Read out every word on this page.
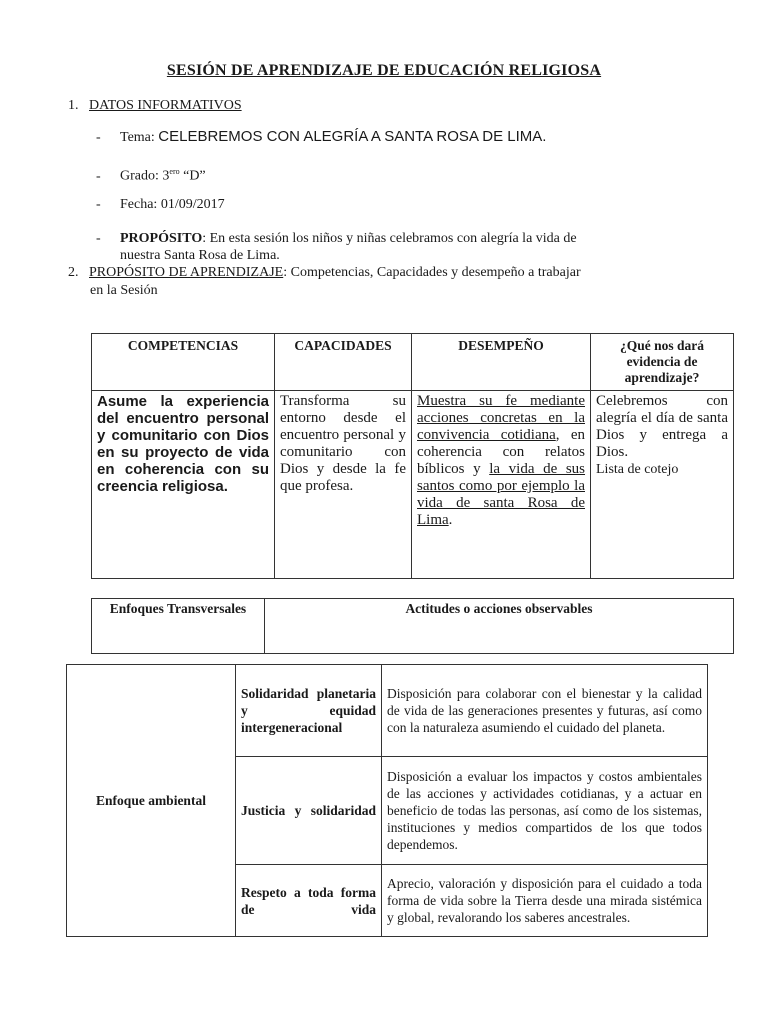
SESIÓN DE APRENDIZAJE DE EDUCACIÓN RELIGIOSA
1. DATOS INFORMATIVOS
- Tema: CELEBREMOS CON ALEGRÍA A SANTA ROSA DE LIMA.
- Grado: $3^{ero}$ “D”
- Fecha: 01/09/2017
- PROPÓSITO: En esta sesión los niños y niñas celebramos con alegría la vida de
nuestra Santa Rosa de Lima.
2. PROPÓSITO DE APRENDIZAJE: Competencias, Capacidades y desempeño a trabajar
en la Sesión
COMPETENCIAS	CAPACIDADES	DESEMPEÑO	¿Qué nos dará evidencia de aprendizaje?
Asume la experiencia del encuentro personal y comunitario con Dios en su proyecto de vida en coherencia con su creencia religiosa.	Transforma su entorno desde el encuentro personal y comunitario con Dios y desde la fe que profesa.	Muestra su fe mediante acciones concretas en la convivencia cotidiana, en coherencia con relatos bíblicos y la vida de sus santos como por ejemplo la vida de santa Rosa de Lima.	Celebremos con alegría el día de santa Dios y entrega a Dios.
Lista de cotejo
Enfoques Transversales	Actitudes o acciones observables
Enfoque ambiental	Solidaridad planetaria y equidad intergeneracional	Disposición para colaborar con el bienestar y la calidad de vida de las generaciones presentes y futuras, así como con la naturaleza asumiendo el cuidado del planeta.
	Justicia y solidaridad	Disposición a evaluar los impactos y costos ambientales de las acciones y actividades cotidianas, y a actuar en beneficio de todas las personas, así como de los sistemas, instituciones y medios compartidos de los que todos dependemos.
	Respeto a toda forma de vida	Aprecio, valoración y disposición para el cuidado a toda forma de vida sobre la Tierra desde una mirada sistémica y global, revalorando los saberes ancestrales.
